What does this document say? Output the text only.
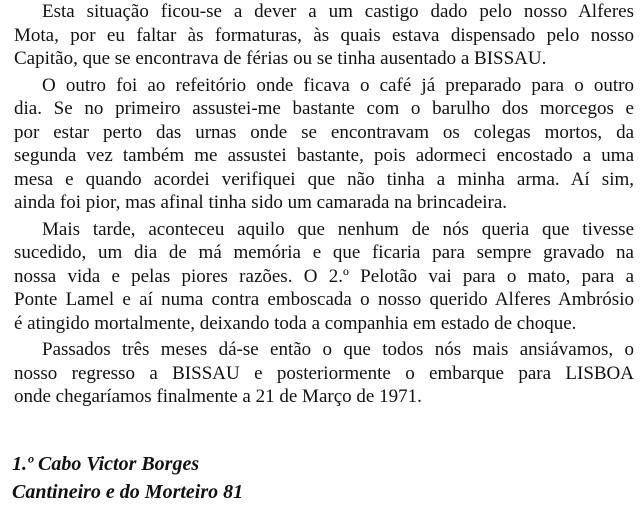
Esta situação ficou-se a dever a um castigo dado pelo nosso Alferes
Mota, por eu faltar às formaturas, às quais estava dispensado pelo nosso
Capitão, que se encontrava de férias ou se tinha ausentado a BISSAU.
O outro foi ao refeitório onde ficava o café já preparado para o outro
dia. Se no primeiro assustei-me bastante com o barulho dos morcegos e
por estar perto das urnas onde se encontravam os colegas mortos, da
segunda vez também me assustei bastante, pois adormeci encostado a uma
mesa e quando acordei verifiquei que não tinha a minha arma. Aí sim,
ainda foi pior, mas afinal tinha sido um camarada na brincadeira.
Mais tarde, aconteceu aquilo que nenhum de nós queria que tivesse
sucedido, um dia de má memória e que ficaria para sempre gravado na
nossa vida e pelas piores razões. O 2.º Pelotão vai para o mato, para a
Ponte Lamel e aí numa contra emboscada o nosso querido Alferes Ambrósio
é atingido mortalmente, deixando toda a companhia em estado de choque.
Passados três meses dá-se então o que todos nós mais ansiávamos, o
nosso regresso a BISSAU e posteriormente o embarque para LISBOA
onde chegaríamos finalmente a 21 de Março de 1971.
1.º Cabo Victor Borges
Cantineiro e do Morteiro 81
